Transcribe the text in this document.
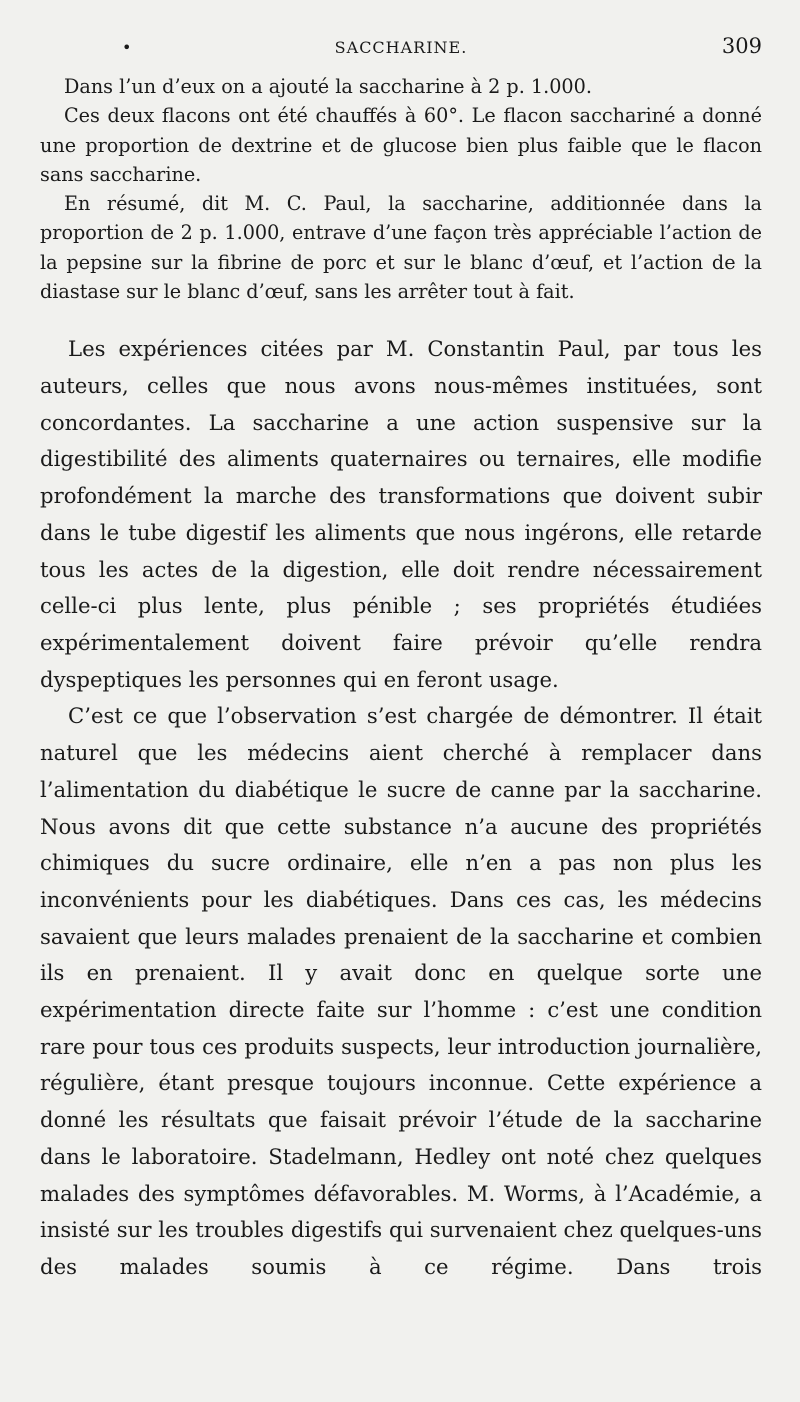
•	SACCHARINE.	309

Dans l’un d’eux on a ajouté la saccharine à 2 p. 1.000.

Ces deux flacons ont été chauffés à 60°. Le flacon sacchariné a donné une proportion de dextrine et de glucose bien plus faible que le flacon sans saccharine.

En résumé, dit M. C. Paul, la saccharine, additionnée dans la proportion de 2 p. 1.000, entrave d’une façon très appréciable l’action de la pepsine sur la fibrine de porc et sur le blanc d’œuf, et l’action de la diastase sur le blanc d’œuf, sans les arrêter tout à fait.

Les expériences citées par M. Constantin Paul, par tous les auteurs, celles que nous avons nous-mêmes instituées, sont concordantes. La saccharine a une action suspensive sur la digestibilité des aliments quaternaires ou ternaires, elle modifie profondément la marche des transformations que doivent subir dans le tube digestif les aliments que nous ingérons, elle retarde tous les actes de la digestion, elle doit rendre nécessairement celle-ci plus lente, plus pénible ; ses propriétés étudiées expérimentalement doivent faire prévoir qu’elle rendra dyspeptiques les personnes qui en feront usage.

C’est ce que l’observation s’est chargée de démontrer. Il était naturel que les médecins aient cherché à remplacer dans l’alimentation du diabétique le sucre de canne par la saccharine. Nous avons dit que cette substance n’a aucune des propriétés chimiques du sucre ordinaire, elle n’en a pas non plus les inconvénients pour les diabétiques. Dans ces cas, les médecins savaient que leurs malades prenaient de la saccharine et combien ils en prenaient. Il y avait donc en quelque sorte une expérimentation directe faite sur l’homme : c’est une condition rare pour tous ces produits suspects, leur introduction journalière, régulière, étant presque toujours inconnue. Cette expérience a donné les résultats que faisait prévoir l’étude de la saccharine dans le laboratoire. Stadelmann, Hedley ont noté chez quelques malades des symptômes défavorables. M. Worms, à l’Académie, a insisté sur les troubles digestifs qui survenaient chez quelques-uns des malades soumis à ce régime. Dans trois
